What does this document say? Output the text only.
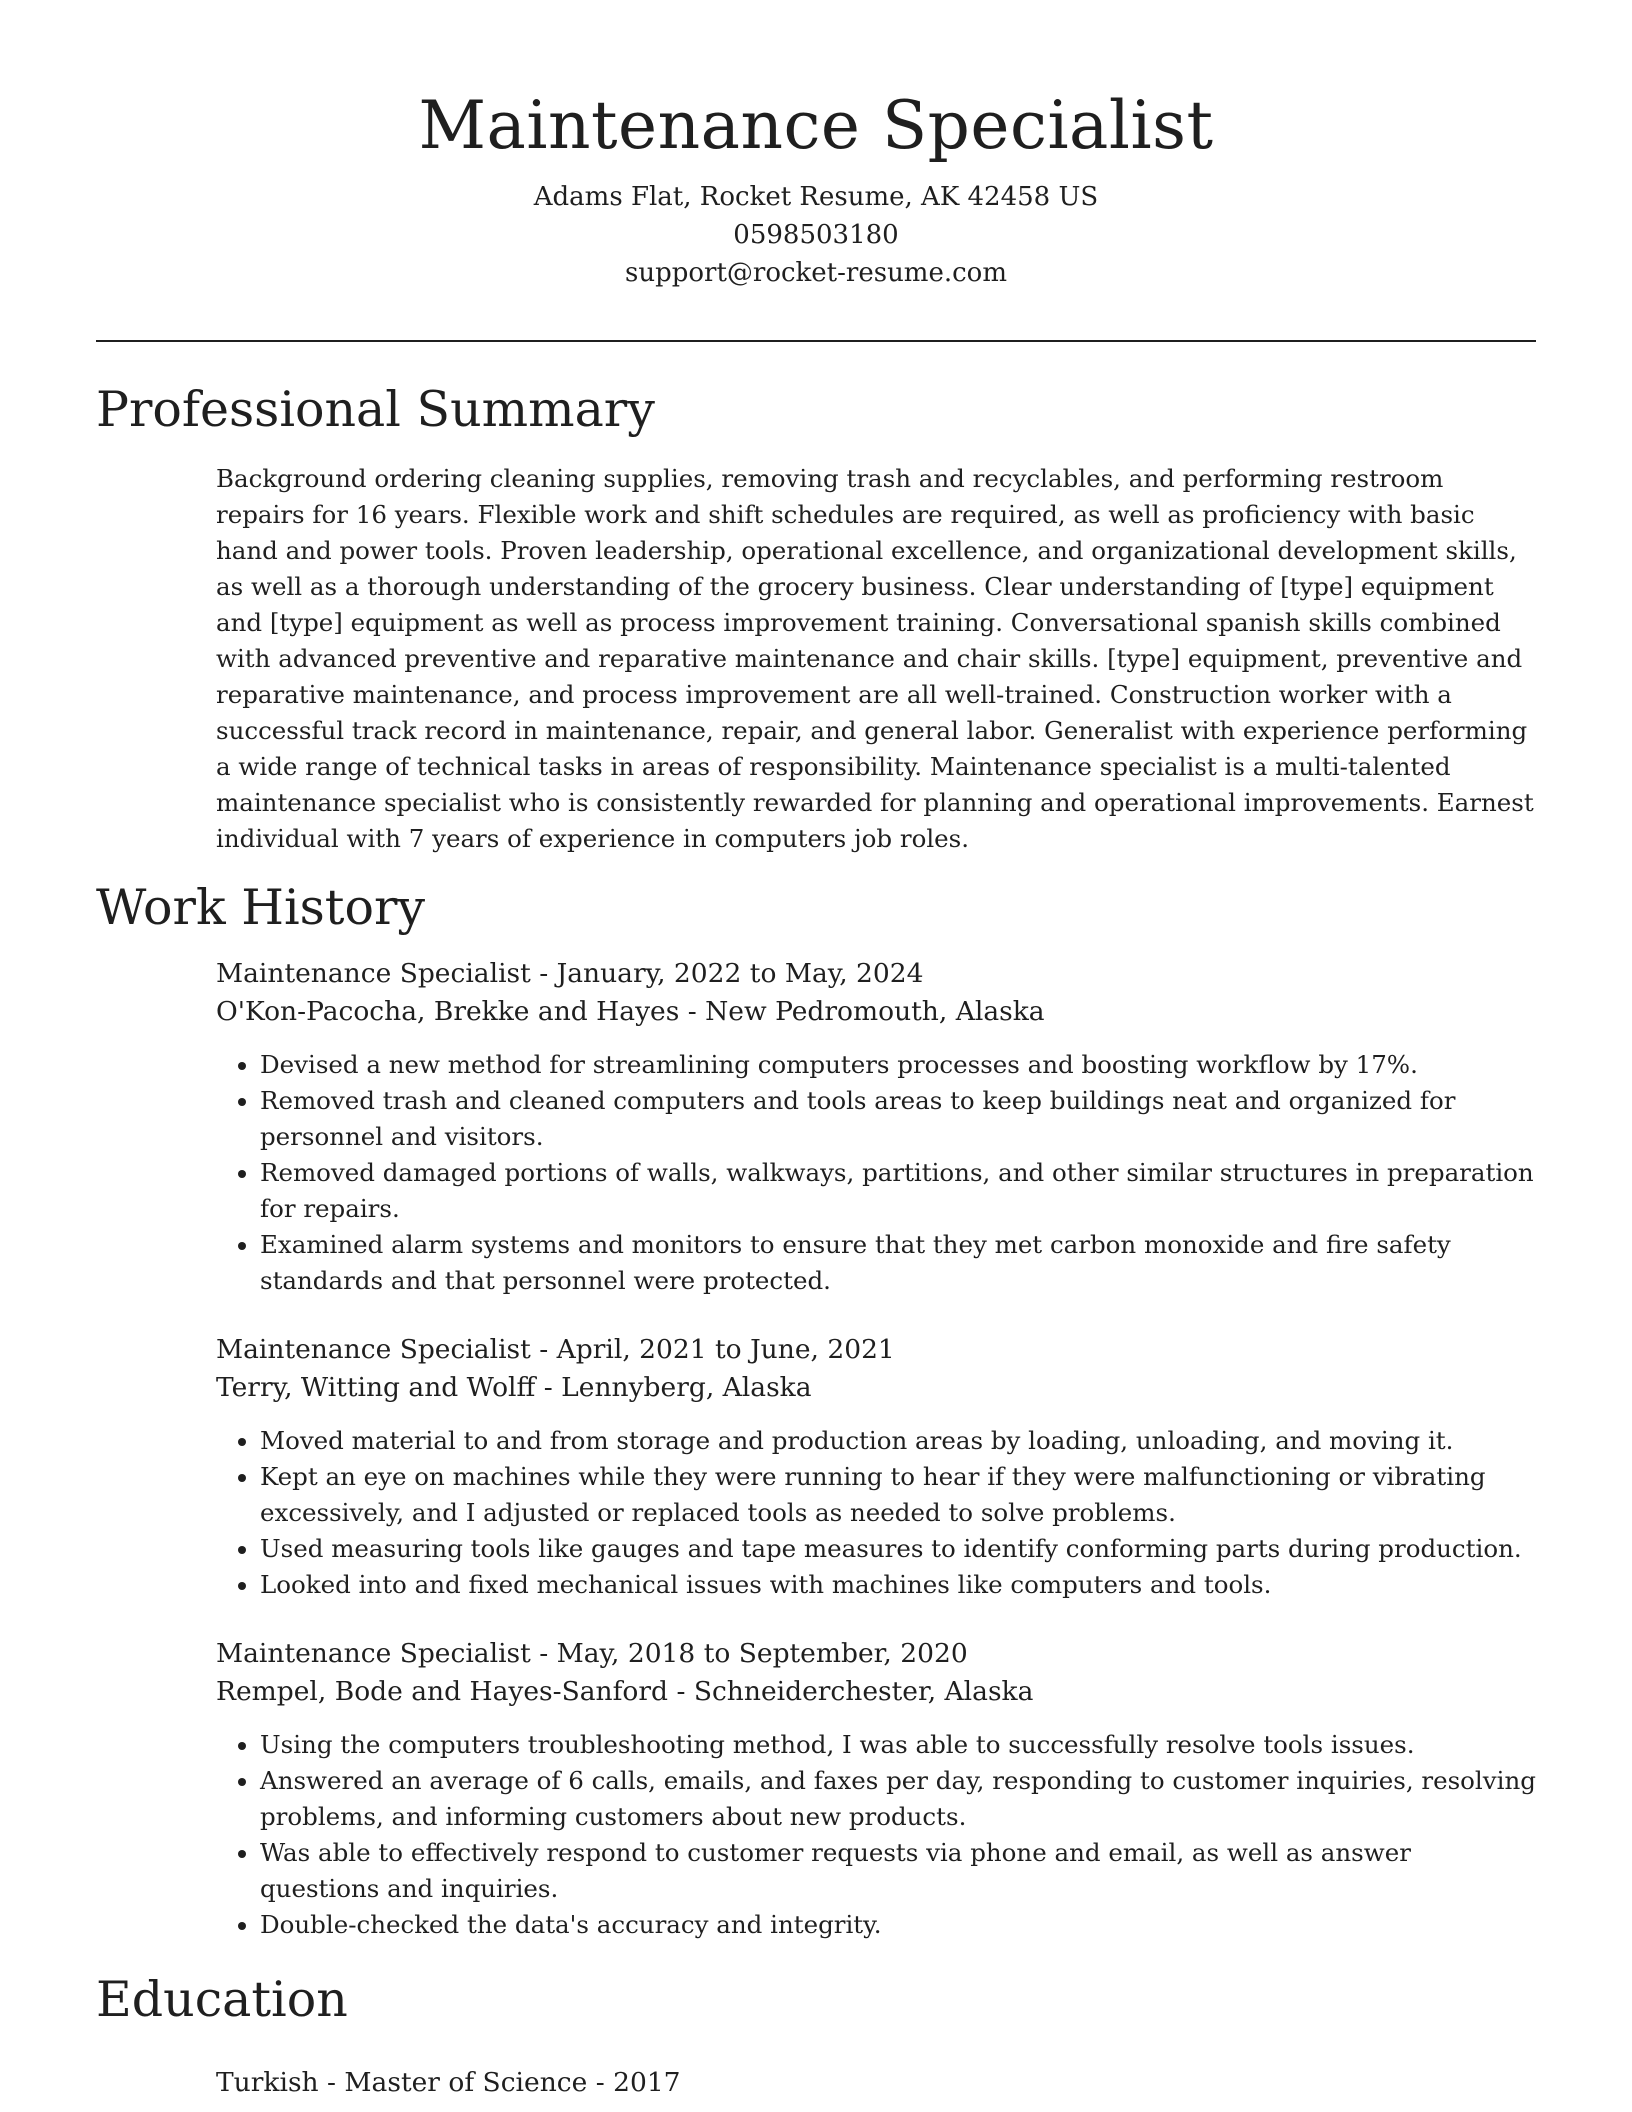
Maintenance Specialist
Adams Flat, Rocket Resume, AK 42458 US
0598503180
support@rocket-resume.com
Professional Summary
Background ordering cleaning supplies, removing trash and recyclables, and performing restroom repairs for 16 years. Flexible work and shift schedules are required, as well as proficiency with basic hand and power tools. Proven leadership, operational excellence, and organizational development skills, as well as a thorough understanding of the grocery business. Clear understanding of [type] equipment and [type] equipment as well as process improvement training. Conversational spanish skills combined with advanced preventive and reparative maintenance and chair skills. [type] equipment, preventive and reparative maintenance, and process improvement are all well-trained. Construction worker with a successful track record in maintenance, repair, and general labor. Generalist with experience performing a wide range of technical tasks in areas of responsibility. Maintenance specialist is a multi-talented maintenance specialist who is consistently rewarded for planning and operational improvements. Earnest individual with 7 years of experience in computers job roles.
Work History
Maintenance Specialist - January, 2022 to May, 2024
O'Kon-Pacocha, Brekke and Hayes - New Pedromouth, Alaska
• Devised a new method for streamlining computers processes and boosting workflow by 17%.
• Removed trash and cleaned computers and tools areas to keep buildings neat and organized for personnel and visitors.
• Removed damaged portions of walls, walkways, partitions, and other similar structures in preparation for repairs.
• Examined alarm systems and monitors to ensure that they met carbon monoxide and fire safety standards and that personnel were protected.
Maintenance Specialist - April, 2021 to June, 2021
Terry, Witting and Wolff - Lennyberg, Alaska
• Moved material to and from storage and production areas by loading, unloading, and moving it.
• Kept an eye on machines while they were running to hear if they were malfunctioning or vibrating excessively, and I adjusted or replaced tools as needed to solve problems.
• Used measuring tools like gauges and tape measures to identify conforming parts during production.
• Looked into and fixed mechanical issues with machines like computers and tools.
Maintenance Specialist - May, 2018 to September, 2020
Rempel, Bode and Hayes-Sanford - Schneiderchester, Alaska
• Using the computers troubleshooting method, I was able to successfully resolve tools issues.
• Answered an average of 6 calls, emails, and faxes per day, responding to customer inquiries, resolving problems, and informing customers about new products.
• Was able to effectively respond to customer requests via phone and email, as well as answer questions and inquiries.
• Double-checked the data's accuracy and integrity.
Education
Turkish - Master of Science - 2017
